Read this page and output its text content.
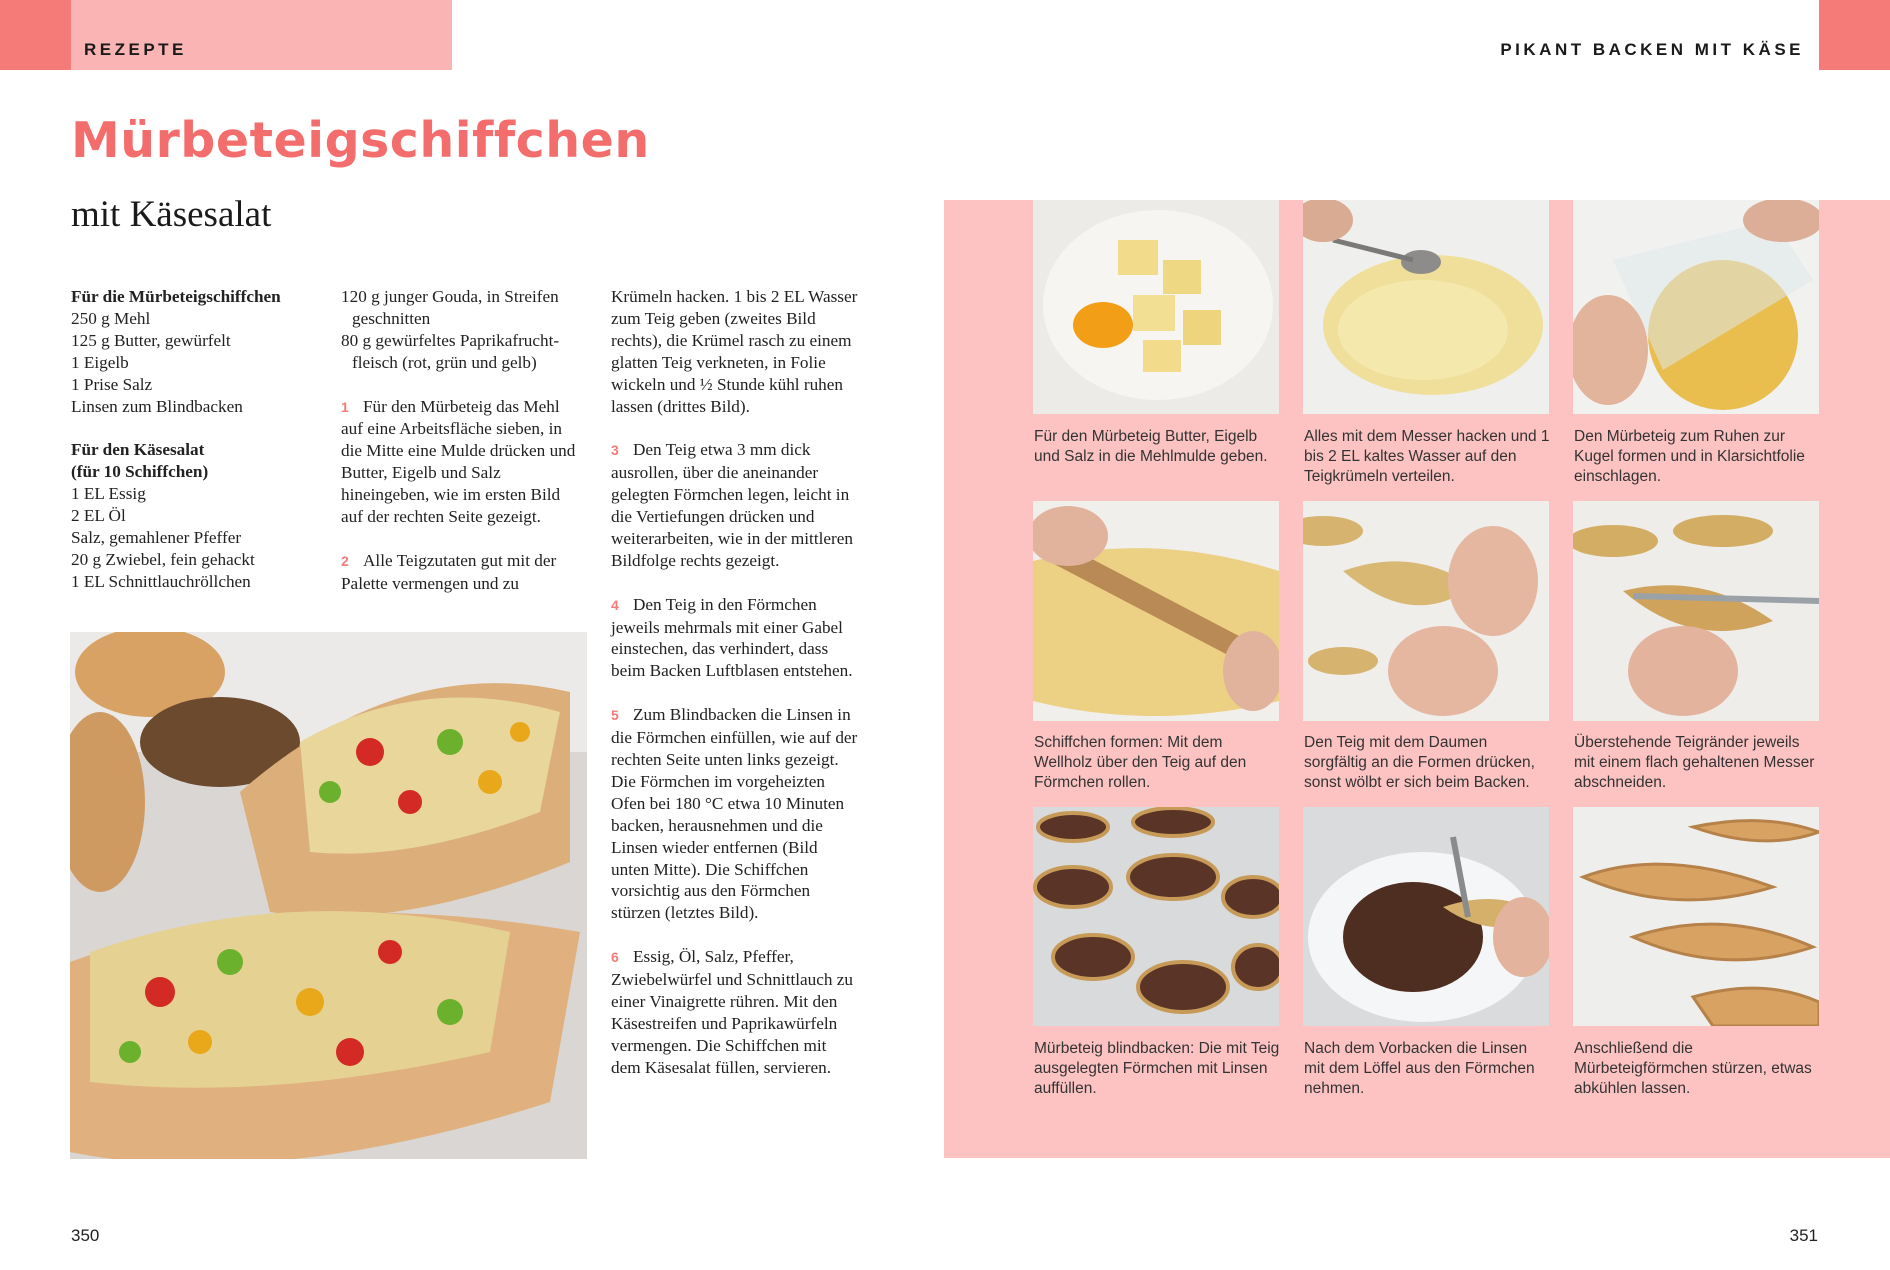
REZEPTE	PIKANT BACKEN MIT KÄSE
Mürbeteigschiffchen
mit Käsesalat

Für die Mürbeteigschiffchen

250 g Mehl

125 g Butter, gewürfelt

1 Eigelb

1 Prise Salz

Linsen zum Blindbacken

Für den Käsesalat

(für 10 Schiffchen)

1 EL Essig

2 EL Öl

Salz, gemahlener Pfeffer

20 g Zwiebel, fein gehackt

1 EL Schnittlauchröllchen

120 g junger Gouda, in Streifen geschnitten

80 g gewürfeltes Paprikafrucht-fleisch (rot, grün und gelb)

1 Für den Mürbeteig das Mehl auf eine Arbeitsfläche sieben, in die Mitte eine Mulde drücken und Butter, Eigelb und Salz hineingeben, wie im ersten Bild auf der rechten Seite gezeigt.

2 Alle Teigzutaten gut mit der Palette vermengen und zu

Krümeln hacken. 1 bis 2 EL Wasser zum Teig geben (zweites Bild rechts), die Krümel rasch zu einem glatten Teig verkneten, in Folie wickeln und ½ Stunde kühl ruhen lassen (drittes Bild).

3 Den Teig etwa 3 mm dick ausrollen, über die aneinander gelegten Förmchen legen, leicht in die Vertiefungen drücken und weiterarbeiten, wie in der mittleren Bildfolge rechts gezeigt.

4 Den Teig in den Förmchen jeweils mehrmals mit einer Gabel einstechen, das verhindert, dass beim Backen Luftblasen entstehen.

5 Zum Blindbacken die Linsen in die Förmchen einfüllen, wie auf der rechten Seite unten links gezeigt. Die Förmchen im vorgeheizten Ofen bei 180 °C etwa 10 Minuten backen, herausnehmen und die Linsen wieder entfernen (Bild unten Mitte). Die Schiffchen vorsichtig aus den Förmchen stürzen (letztes Bild).

6 Essig, Öl, Salz, Pfeffer, Zwiebelwürfel und Schnittlauch zu einer Vinaigrette rühren. Mit den Käsestreifen und Paprikawürfeln vermengen. Die Schiffchen mit dem Käsesalat füllen, servieren.

350	351

Für den Mürbeteig Butter, Eigelb und Salz in die Mehlmulde geben.

Alles mit dem Messer hacken und 1 bis 2 EL kaltes Wasser auf den Teigkrümeln verteilen.

Den Mürbeteig zum Ruhen zur Kugel formen und in Klarsichtfolie einschlagen.

Schiffchen formen: Mit dem Wellholz über den Teig auf den Förmchen rollen.

Den Teig mit dem Daumen sorgfältig an die Formen drücken, sonst wölbt er sich beim Backen.

Überstehende Teigränder jeweils mit einem flach gehaltenen Messer abschneiden.

Mürbeteig blindbacken: Die mit Teig ausgelegten Förmchen mit Linsen auffüllen.

Nach dem Vorbacken die Linsen mit dem Löffel aus den Förmchen nehmen.

Anschließend die Mürbeteigförmchen stürzen, etwas abkühlen lassen.
